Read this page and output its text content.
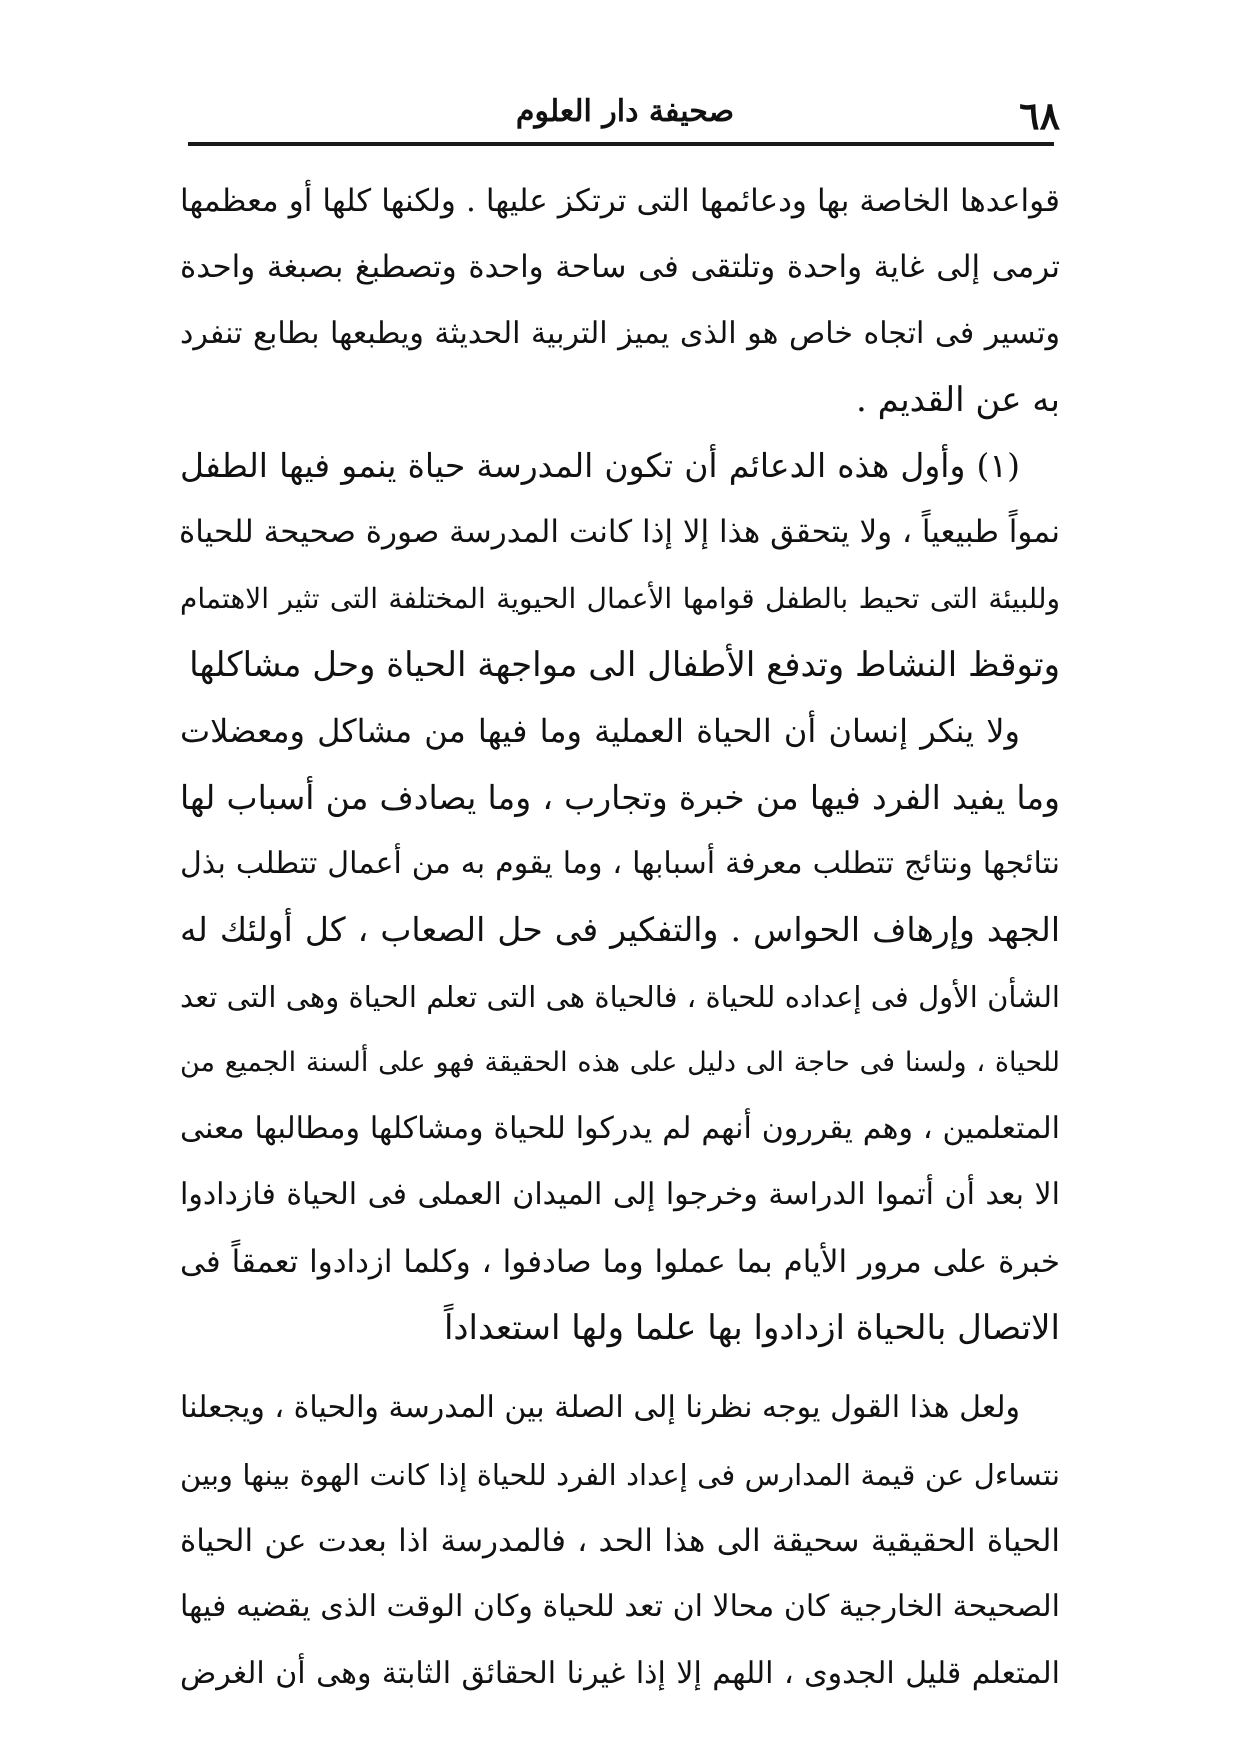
٦٨
صحيفة دار العلوم
قواعدها الخاصة بها ودعائمها التى ترتكز عليها . ولكنها كلها أو معظمها
ترمى إلى غاية واحدة وتلتقى فى ساحة واحدة وتصطبغ بصبغة واحدة
وتسير فى اتجاه خاص هو الذى يميز التربية الحديثة ويطبعها بطابع تنفرد
به عن القديم .
(١) وأول هذه الدعائم أن تكون المدرسة حياة ينمو فيها الطفل
نمواً طبيعياً ، ولا يتحقق هذا إلا إذا كانت المدرسة صورة صحيحة للحياة
وللبيئة التى تحيط بالطفل قوامها الأعمال الحيوية المختلفة التى تثير الاهتمام
وتوقظ النشاط وتدفع الأطفال الى مواجهة الحياة وحل مشاكلها
ولا ينكر إنسان أن الحياة العملية وما فيها من مشاكل ومعضلات
وما يفيد الفرد فيها من خبرة وتجارب ، وما يصادف من أسباب لها
نتائجها ونتائج تتطلب معرفة أسبابها ، وما يقوم به من أعمال تتطلب بذل
الجهد وإرهاف الحواس . والتفكير فى حل الصعاب ، كل أولئك له
الشأن الأول فى إعداده للحياة ، فالحياة هى التى تعلم الحياة وهى التى تعد
للحياة ، ولسنا فى حاجة الى دليل على هذه الحقيقة فهو على ألسنة الجميع من
المتعلمين ، وهم يقررون أنهم لم يدركوا للحياة ومشاكلها ومطالبها معنى
الا بعد أن أتموا الدراسة وخرجوا إلى الميدان العملى فى الحياة فازدادوا
خبرة على مرور الأيام بما عملوا وما صادفوا ، وكلما ازدادوا تعمقاً فى
الاتصال بالحياة ازدادوا بها علما ولها استعداداً
ولعل هذا القول يوجه نظرنا إلى الصلة بين المدرسة والحياة ، ويجعلنا
نتساءل عن قيمة المدارس فى إعداد الفرد للحياة إذا كانت الهوة بينها وبين
الحياة الحقيقية سحيقة الى هذا الحد ، فالمدرسة اذا بعدت عن الحياة
الصحيحة الخارجية كان محالا ان تعد للحياة وكان الوقت الذى يقضيه فيها
المتعلم قليل الجدوى ، اللهم إلا إذا غيرنا الحقائق الثابتة وهى أن الغرض
